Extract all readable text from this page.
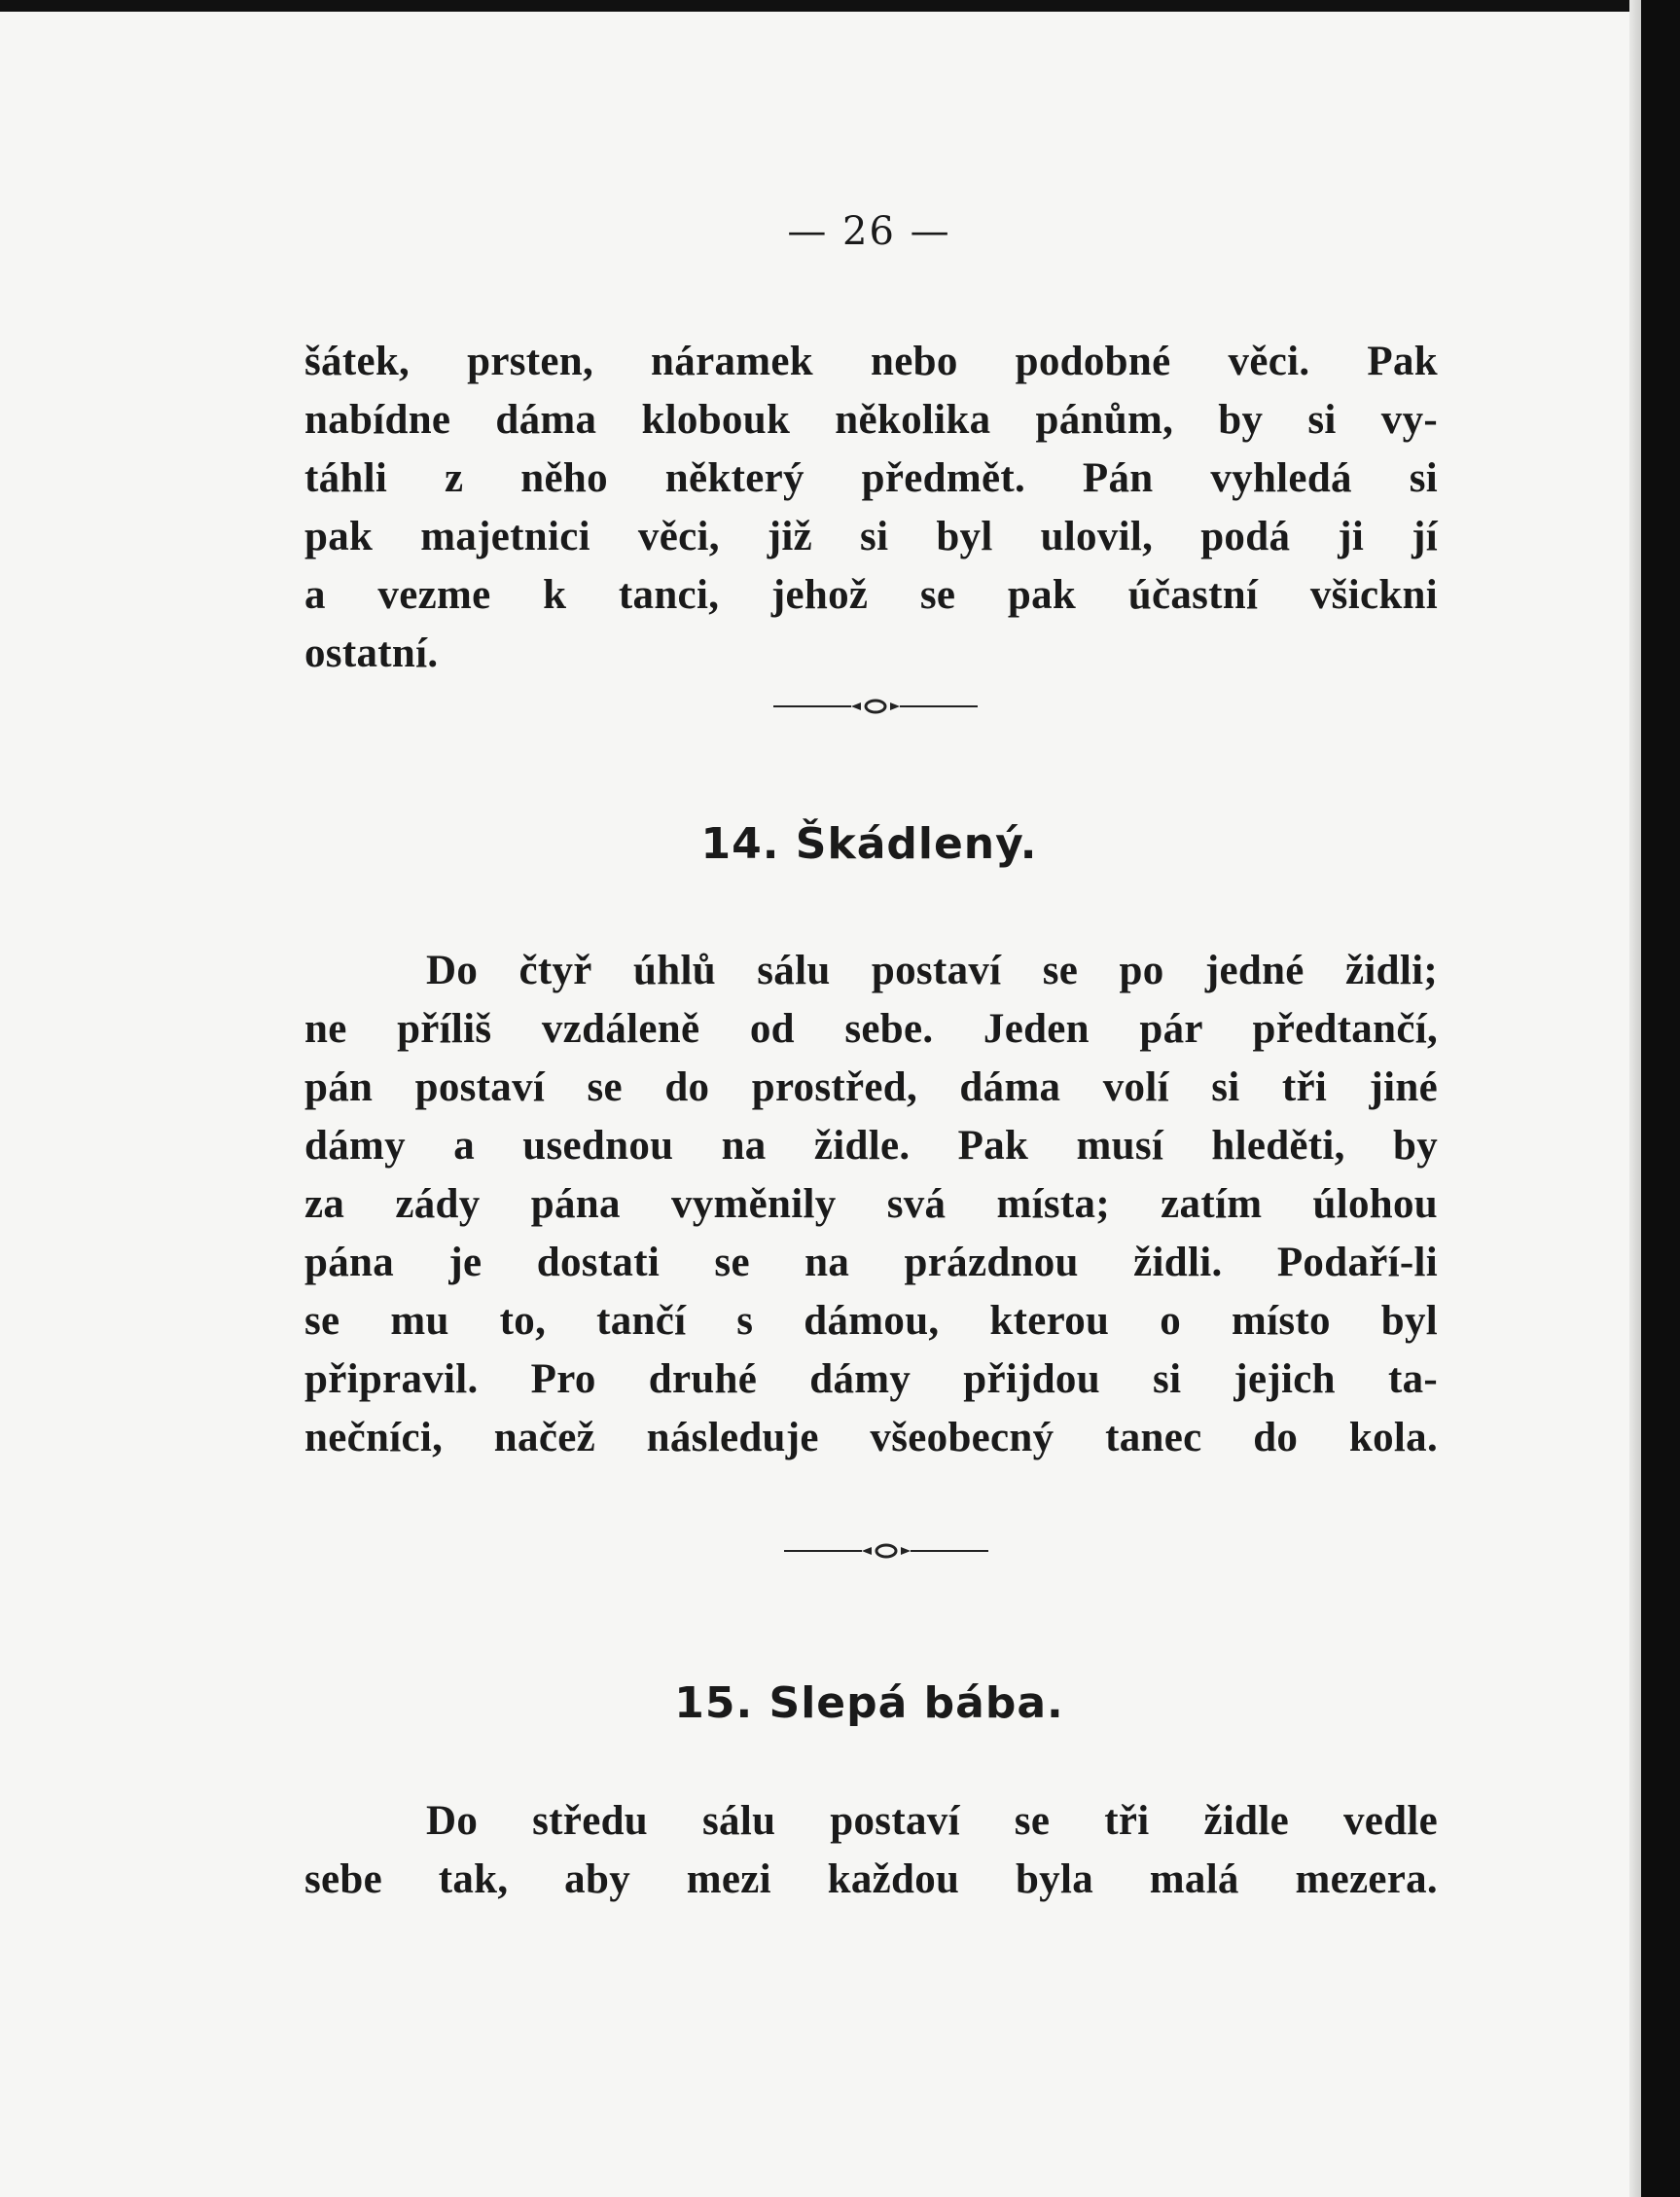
— 26 —
šátek, prsten, náramek nebo podobné věci. Pak
nabídne dáma klobouk několika pánům, by si vy-
táhli z něho některý předmět. Pán vyhledá si
pak majetnici věci, již si byl ulovil, podá ji jí
a vezme k tanci, jehož se pak účastní všickni
ostatní.
14. Škádlený.
Do čtyř úhlů sálu postaví se po jedné židli;
ne příliš vzdáleně od sebe. Jeden pár předtančí,
pán postaví se do prostřed, dáma volí si tři jiné
dámy a usednou na židle. Pak musí hleděti, by
za zády pána vyměnily svá místa; zatím úlohou
pána je dostati se na prázdnou židli. Podaří-li
se mu to, tančí s dámou, kterou o místo byl
připravil. Pro druhé dámy přijdou si jejich ta-
nečníci, načež následuje všeobecný tanec do kola.
15. Slepá bába.
Do středu sálu postaví se tři židle vedle
sebe tak, aby mezi každou byla malá mezera.
